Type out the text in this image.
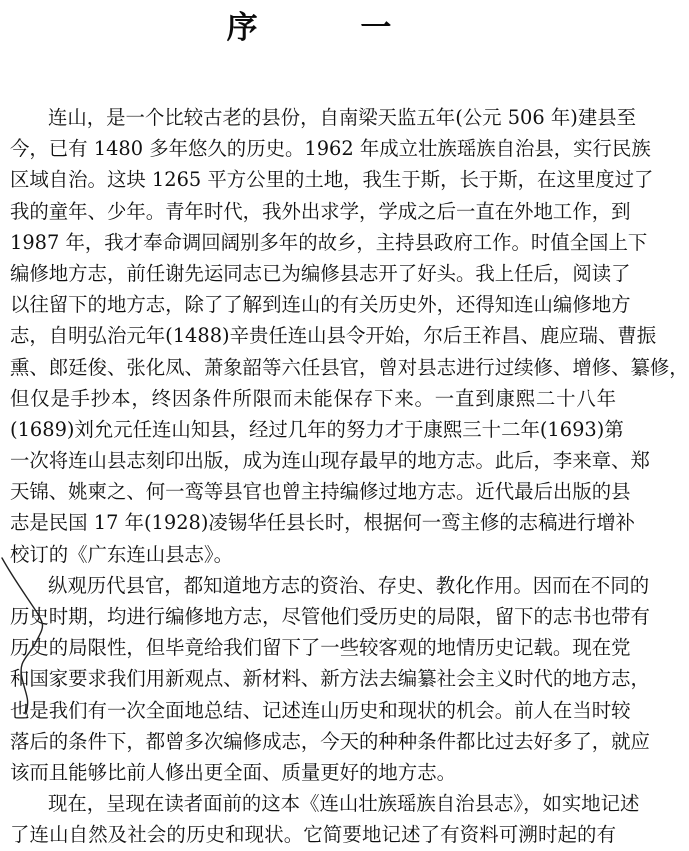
序 一
连山，是一个比较古老的县份，自南梁天监五年(公元 506 年)建县至
今，已有 1480 多年悠久的历史。1962 年成立壮族瑶族自治县，实行民族
区域自治。这块 1265 平方公里的土地，我生于斯，长于斯，在这里度过了
我的童年、少年。青年时代，我外出求学，学成之后一直在外地工作，到
1987 年，我才奉命调回阔别多年的故乡，主持县政府工作。时值全国上下
编修地方志，前任谢先运同志已为编修县志开了好头。我上任后，阅读了
以往留下的地方志，除了了解到连山的有关历史外，还得知连山编修地方
志，自明弘治元年(1488)辛贵任连山县令开始，尔后王祚昌、鹿应瑞、曹振
熏、郎廷俊、张化凤、萧象韶等六任县官，曾对县志进行过续修、增修、纂修，
但仅是手抄本，终因条件所限而未能保存下来。一直到康熙二十八年
(1689)刘允元任连山知县，经过几年的努力才于康熙三十二年(1693)第
一次将连山县志刻印出版，成为连山现存最早的地方志。此后，李来章、郑
天锦、姚柬之、何一鸾等县官也曾主持编修过地方志。近代最后出版的县
志是民国 17 年(1928)凌锡华任县长时，根据何一鸾主修的志稿进行增补
校订的《广东连山县志》。
纵观历代县官，都知道地方志的资治、存史、教化作用。因而在不同的
历史时期，均进行编修地方志，尽管他们受历史的局限，留下的志书也带有
历史的局限性，但毕竟给我们留下了一些较客观的地情历史记载。现在党
和国家要求我们用新观点、新材料、新方法去编纂社会主义时代的地方志，
也是我们有一次全面地总结、记述连山历史和现状的机会。前人在当时较
落后的条件下，都曾多次编修成志，今天的种种条件都比过去好多了，就应
该而且能够比前人修出更全面、质量更好的地方志。
现在，呈现在读者面前的这本《连山壮族瑶族自治县志》，如实地记述
了连山自然及社会的历史和现状。它简要地记述了有资料可溯时起的有
